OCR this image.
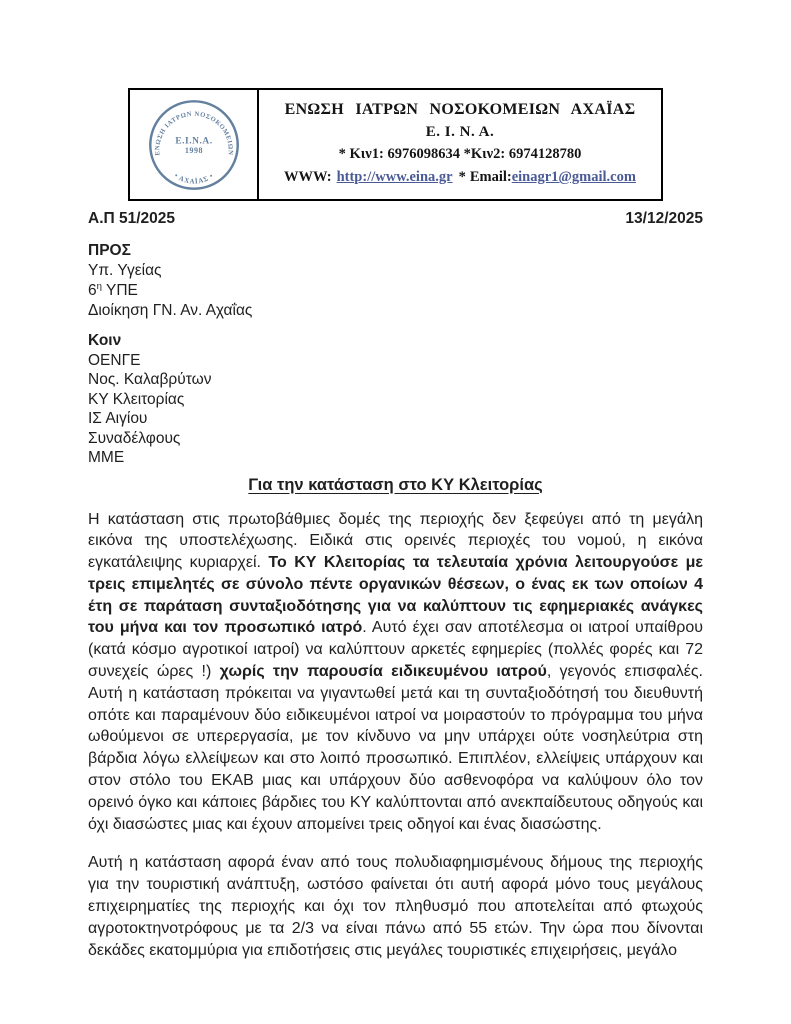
ΕΝΩΣΗ ΙΑΤΡΩΝ ΝΟΣΟΚΟΜΕΙΩΝ
• ΑΧΑΪΑΣ •
Ε.Ι.Ν.Α.
1998
ΕΝΩΣΗ ΙΑΤΡΩΝ ΝΟΣΟΚΟΜΕΙΩΝ ΑΧΑΪΑΣ
Ε. Ι. Ν. Α.
* Κιν1: 6976098634 *Κιν2: 6974128780
WWW: http://www.eina.gr * Email:einagr1@gmail.com
Α.Π 51/2025	13/12/2025
ΠΡΟΣ
Υπ. Υγείας
$6^\eta$ ΥΠΕ
Διοίκηση ΓΝ. Αν. Αχαΐας
Κοιν
ΟΕΝΓΕ
Νος. Καλαβρύτων
ΚΥ Κλειτορίας
ΙΣ Αιγίου
Συναδέλφους
ΜΜΕ
Για την κατάσταση στο ΚΥ Κλειτορίας

Η κατάσταση στις πρωτοβάθμιες δομές της περιοχής δεν ξεφεύγει από τη μεγάλη εικόνα της υποστελέχωσης. Ειδικά στις ορεινές περιοχές του νομού, η εικόνα εγκατάλειψης κυριαρχεί. Το ΚΥ Κλειτορίας τα τελευταία χρόνια λειτουργούσε με τρεις επιμελητές σε σύνολο πέντε οργανικών θέσεων, ο ένας εκ των οποίων 4 έτη σε παράταση συνταξιοδότησης για να καλύπτουν τις εφημεριακές ανάγκες του μήνα και τον προσωπικό ιατρό. Αυτό έχει σαν αποτέλεσμα οι ιατροί υπαίθρου (κατά κόσμο αγροτικοί ιατροί) να καλύπτουν αρκετές εφημερίες (πολλές φορές και 72 συνεχείς ώρες !) χωρίς την παρουσία ειδικευμένου ιατρού, γεγονός επισφαλές. Αυτή η κατάσταση πρόκειται να γιγαντωθεί μετά και τη συνταξιοδότησή του διευθυντή οπότε και παραμένουν δύο ειδικευμένοι ιατροί να μοιραστούν το πρόγραμμα του μήνα ωθούμενοι σε υπερεργασία, με τον κίνδυνο να μην υπάρχει ούτε νοσηλεύτρια στη βάρδια λόγω ελλείψεων και στο λοιπό προσωπικό. Επιπλέον, ελλείψεις υπάρχουν και στον στόλο του ΕΚΑΒ μιας και υπάρχουν δύο ασθενοφόρα να καλύψουν όλο τον ορεινό όγκο και κάποιες βάρδιες του ΚΥ καλύπτονται από ανεκπαίδευτους οδηγούς και όχι διασώστες μιας και έχουν απομείνει τρεις οδηγοί και ένας διασώστης.

Αυτή η κατάσταση αφορά έναν από τους πολυδιαφημισμένους δήμους της περιοχής για την τουριστική ανάπτυξη, ωστόσο φαίνεται ότι αυτή αφορά μόνο τους μεγάλους επιχειρηματίες της περιοχής και όχι τον πληθυσμό που αποτελείται από φτωχούς αγροτοκτηνοτρόφους με τα 2/3 να είναι πάνω από 55 ετών. Την ώρα που δίνονται δεκάδες εκατομμύρια για επιδοτήσεις στις μεγάλες τουριστικές επιχειρήσεις, μεγάλο
